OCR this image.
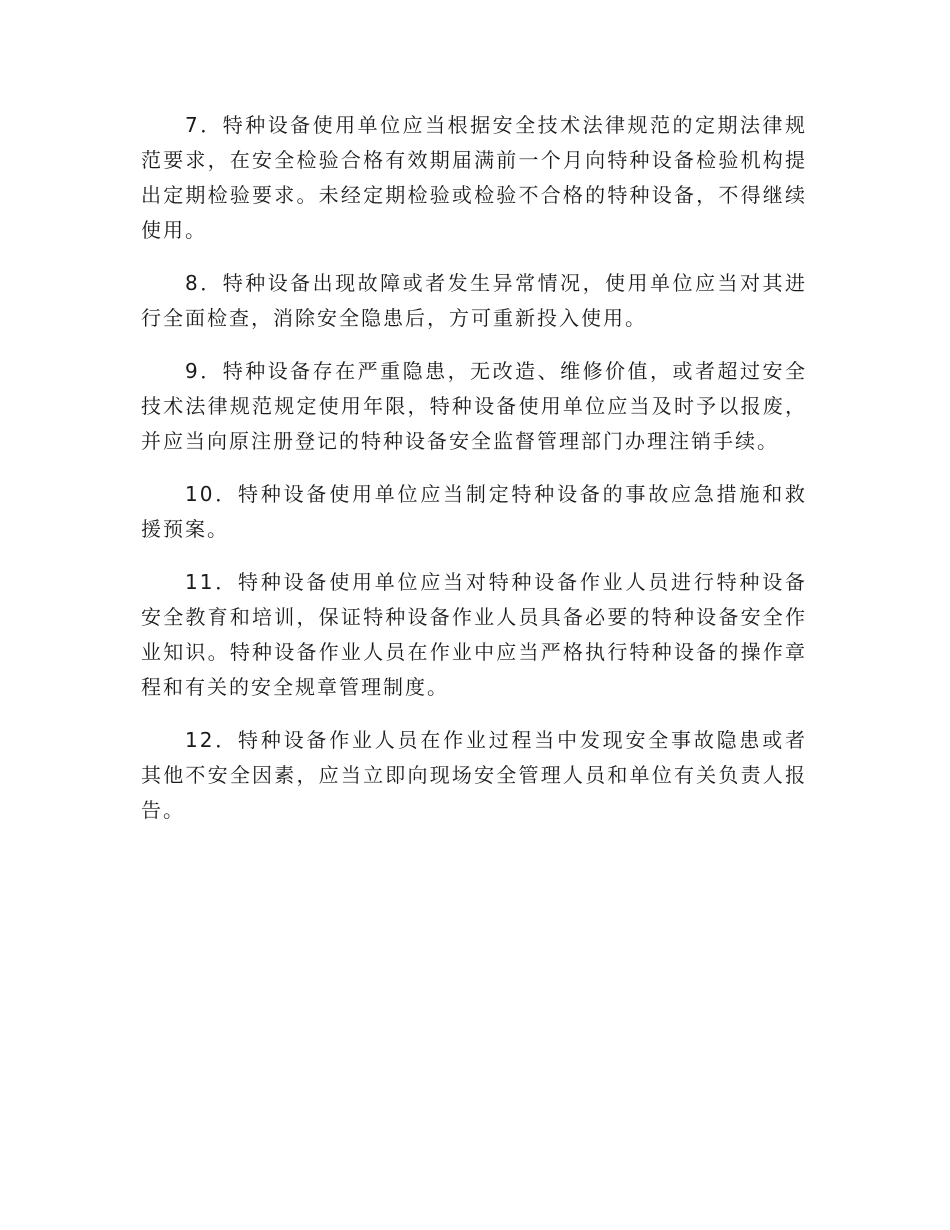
7．特种设备使用单位应当根据安全技术法律规范的定期法律规范要求，在安全检验合格有效期届满前一个月向特种设备检验机构提出定期检验要求。未经定期检验或检验不合格的特种设备，不得继续使用。

8．特种设备出现故障或者发生异常情况，使用单位应当对其进行全面检查，消除安全隐患后，方可重新投入使用。

9．特种设备存在严重隐患，无改造、维修价值，或者超过安全技术法律规范规定使用年限，特种设备使用单位应当及时予以报废，并应当向原注册登记的特种设备安全监督管理部门办理注销手续。

10．特种设备使用单位应当制定特种设备的事故应急措施和救援预案。

11．特种设备使用单位应当对特种设备作业人员进行特种设备安全教育和培训，保证特种设备作业人员具备必要的特种设备安全作业知识。特种设备作业人员在作业中应当严格执行特种设备的操作章程和有关的安全规章管理制度。

12．特种设备作业人员在作业过程当中发现安全事故隐患或者其他不安全因素，应当立即向现场安全管理人员和单位有关负责人报告。
